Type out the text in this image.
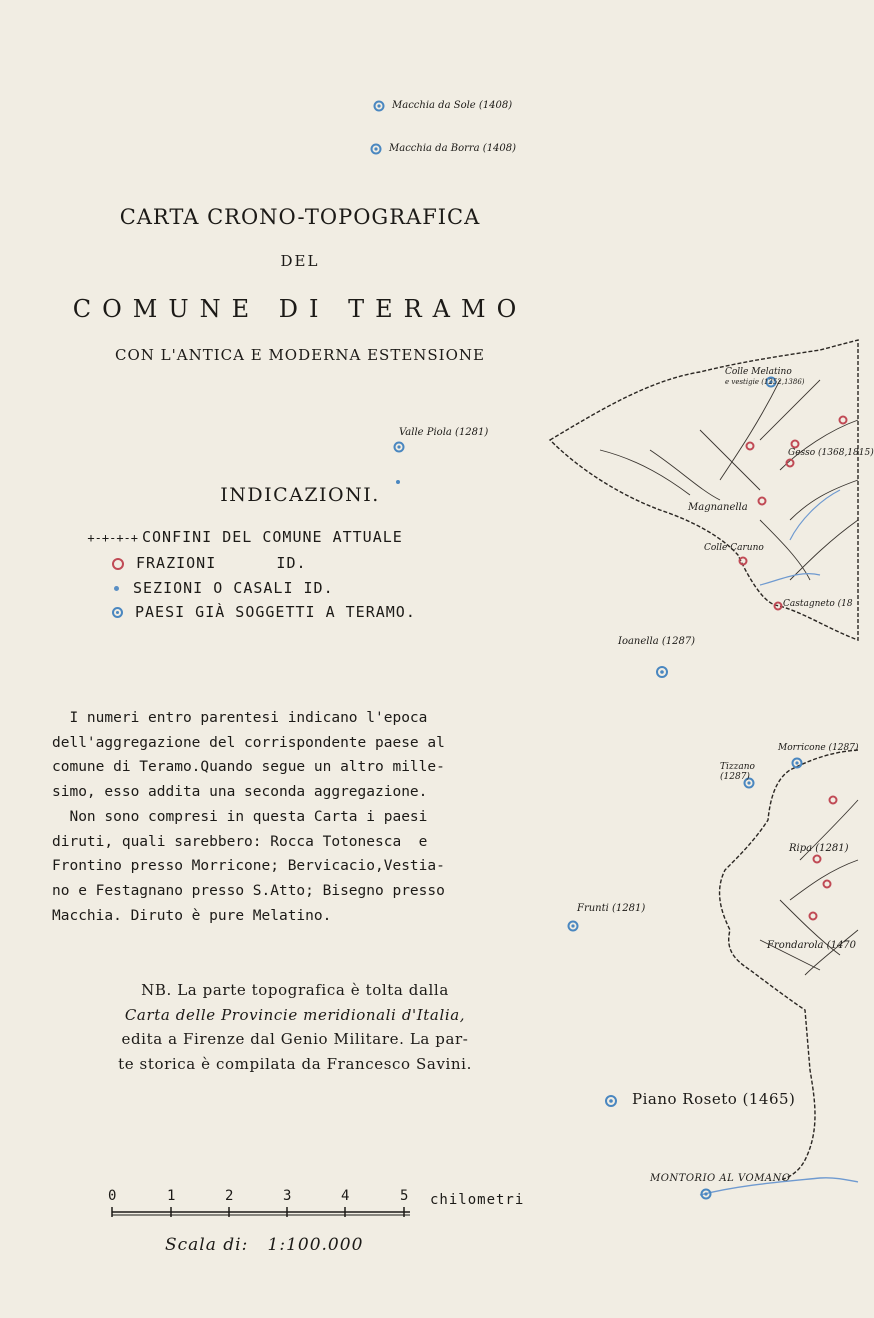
Macchia da Sole (1408)
Macchia da Borra (1408)
Valle Piola (1281)
Colle Melatino
e vestigie (1252,1386)
Gesso (1368,1815)
Magnanella
Colle Caruno
Castagneto (18
Ioanella (1287)
Morricone (1287)
Tizzano (1287)
Ripa (1281)
Frunti (1281)
Frondarola (1470
Piano Roseto (1465)
MONTORIO AL VOMANO
CARTA CRONO-TOPOGRAFICA
DEL
COMUNE DI TERAMO
CON L'ANTICA E MODERNA ESTENSIONE
INDICAZIONI.
+-+-+-+ CONFINI DEL COMUNE ATTUALE
FRAZIONI      ID.
SEZIONI O CASALI ID.
PAESI GIÀ SOGGETTI A TERAMO.

I numeri entro parentesi indicano l'epoca

dell'aggregazione del corrispondente paese al

comune di Teramo.Quando segue un altro mille-

simo, esso addita una seconda aggregazione.

Non sono compresi in questa Carta i paesi

diruti, quali sarebbero: Rocca Totonesca  e

Frontino presso Morricone; Bervicacio,Vestia-

no e Festagnano presso S.Atto; Bisegno presso

Macchia. Diruto è pure Melatino.

NB. La parte topografica è tolta dalla

Carta delle Provincie meridionali d'Italia,

edita a Firenze dal Genio Militare. La par-

te storica è compilata da Francesco Savini.

0	1	2	3	4	5 chilometri
Scala di:   1:100.000
